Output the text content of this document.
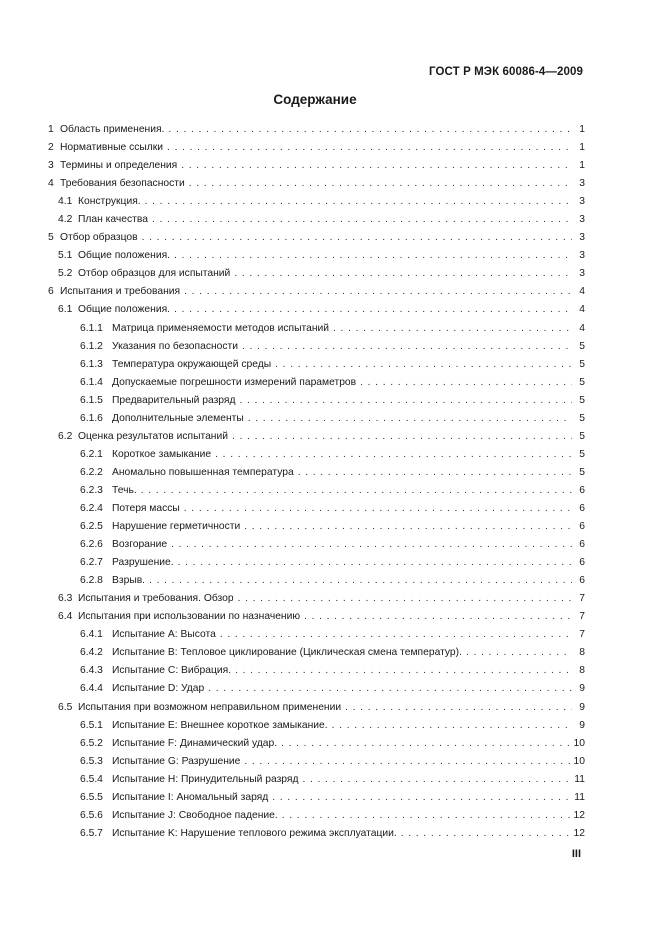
ГОСТ Р МЭК 60086-4—2009
Содержание
1 Область применения. . . .	1
2 Нормативные ссылки . . .	1
3 Термины и определения . . .	1
4 Требования безопасности . . .	3
4.1 Конструкция. . . .	3
4.2 План качества . . .	3
5 Отбор образцов . . .	3
5.1 Общие положения. . . .	3
5.2 Отбор образцов для испытаний . . .	3
6 Испытания и требования . . .	4
6.1 Общие положения. . . .	4
6.1.1 Матрица применяемости методов испытаний . . .	4
6.1.2 Указания по безопасности . . .	5
6.1.3 Температура окружающей среды . . .	5
6.1.4 Допускаемые погрешности измерений параметров . . .	5
6.1.5 Предварительный разряд . . .	5
6.1.6 Дополнительные элементы . . .	5
6.2 Оценка результатов испытаний . . .	5
6.2.1 Короткое замыкание . . .	5
6.2.2 Аномально повышенная температура . . .	5
6.2.3 Течь. . . .	6
6.2.4 Потеря массы . . .	6
6.2.5 Нарушение герметичности . . .	6
6.2.6 Возгорание . . .	6
6.2.7 Разрушение. . . .	6
6.2.8 Взрыв. . . .	6
6.3 Испытания и требования. Обзор . . .	7
6.4 Испытания при использовании по назначению . . .	7
6.4.1 Испытание A: Высота . . .	7
6.4.2 Испытание B: Тепловое циклирование (Циклическая смена температур). . . .	8
6.4.3 Испытание C: Вибрация. . . .	8
6.4.4 Испытание D: Удар . . .	9
6.5 Испытания при возможном неправильном применении . . .	9
6.5.1 Испытание E: Внешнее короткое замыкание. . . .	9
6.5.2 Испытание F: Динамический удар. . . .	10
6.5.3 Испытание G: Разрушение . . .	10
6.5.4 Испытание H: Принудительный разряд . . .	11
6.5.5 Испытание I: Аномальный заряд . . .	11
6.5.6 Испытание J: Свободное падение. . . .	12
6.5.7 Испытание K: Нарушение теплового режима эксплуатации. . . .	12
III
